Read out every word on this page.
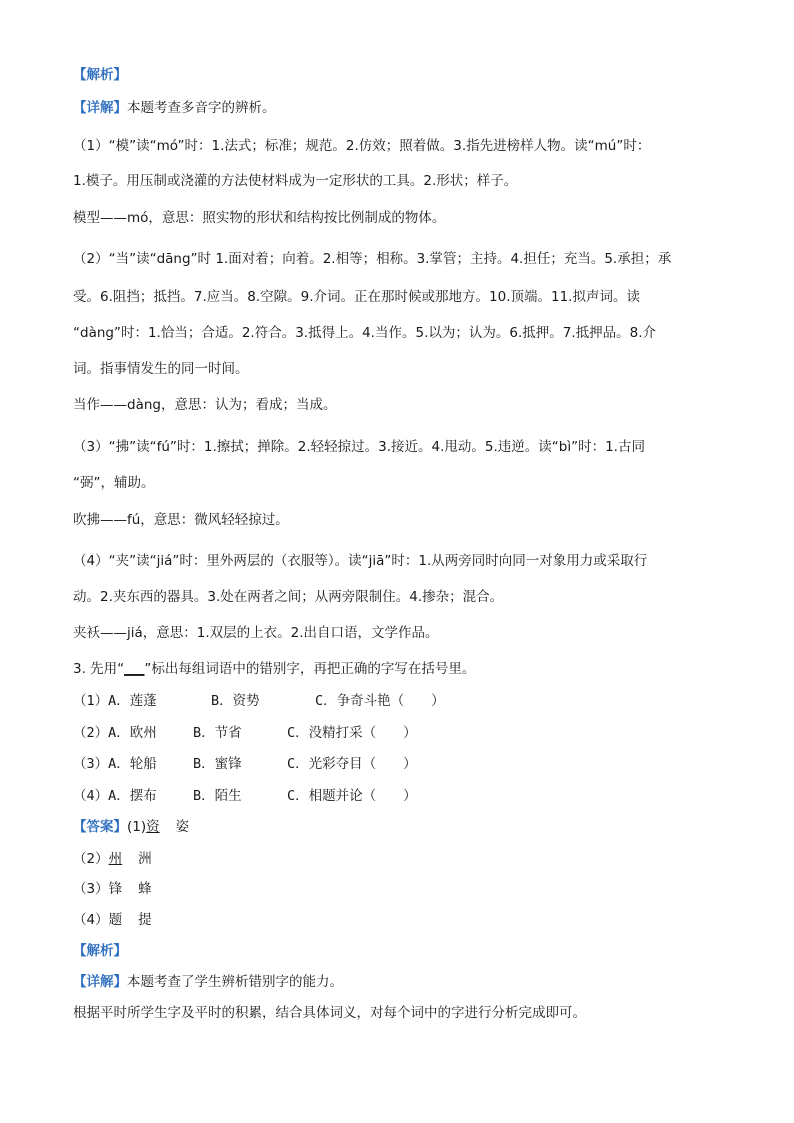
【解析】
【详解】本题考查多音字的辨析。
（1）“模”读“mó”时：1.法式；标准；规范。2.仿效；照着做。3.指先进榜样人物。读“mú”时：
1.模子。用压制或浇灌的方法使材料成为一定形状的工具。2.形状；样子。
模型——mó，意思：照实物的形状和结构按比例制成的物体。
（2）“当”读“dāng”时 1.面对着；向着。2.相等；相称。3.掌管；主持。4.担任；充当。5.承担；承
受。6.阻挡；抵挡。7.应当。8.空隙。9.介词。正在那时候或那地方。10.顶端。11.拟声词。读
“dàng”时：1.恰当；合适。2.符合。3.抵得上。4.当作。5.以为；认为。6.抵押。7.抵押品。8.介
词。指事情发生的同一时间。
当作——dàng，意思：认为；看成；当成。
（3）“拂”读“fú”时：1.擦拭；掸除。2.轻轻掠过。3.接近。4.甩动。5.违逆。读“bì”时：1.古同
“弼”，辅助。
吹拂——fú，意思：微风轻轻掠过。
（4）“夹”读“jiá”时：里外两层的（衣服等）。读“jiā”时：1.从两旁同时向同一对象用力或采取行
动。2.夹东西的器具。3.处在两者之间；从两旁限制住。4.掺杂；混合。
夹袄——jiá，意思：1.双层的上衣。2.出自口语，文学作品。
3. 先用“___”标出每组词语中的错别字，再把正确的字写在括号里。
（1）A．莲蓬	B．资势	C．争奇斗艳（　　）
（2）A．欧州	B．节省	C．没精打采（　　）
（3）A．轮船	B．蜜锋	C．光彩夺目（　　）
（4）A．摆布	B．陌生	C．相题并论（　　）
【答案】(1)资 姿
（2）州 洲
（3）锋 蜂
（4）题 提
【解析】
【详解】本题考查了学生辨析错别字的能力。
根据平时所学生字及平时的积累，结合具体词义，对每个词中的字进行分析完成即可。
